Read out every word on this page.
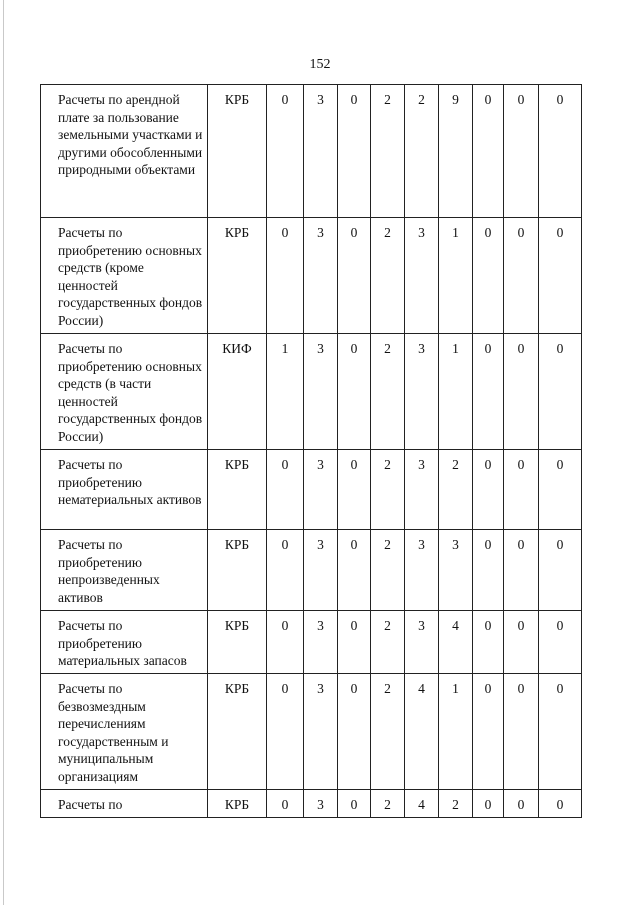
152
Расчеты по арендной плате за пользование земельными участками и другими обособленными природными объектами	КРБ	0	3	0	2	2	9	0	0	0
Расчеты по приобретению основных средств (кроме ценностей государственных фондов России)	КРБ	0	3	0	2	3	1	0	0	0
Расчеты по приобретению основных средств (в части ценностей государственных фондов России)	КИФ	1	3	0	2	3	1	0	0	0
Расчеты по приобретению нематериальных активов	КРБ	0	3	0	2	3	2	0	0	0
Расчеты по приобретению непроизведенных активов	КРБ	0	3	0	2	3	3	0	0	0
Расчеты по приобретению материальных запасов	КРБ	0	3	0	2	3	4	0	0	0
Расчеты по безвозмездным перечислениям государственным и муниципальным организациям	КРБ	0	3	0	2	4	1	0	0	0
Расчеты по	КРБ	0	3	0	2	4	2	0	0	0
